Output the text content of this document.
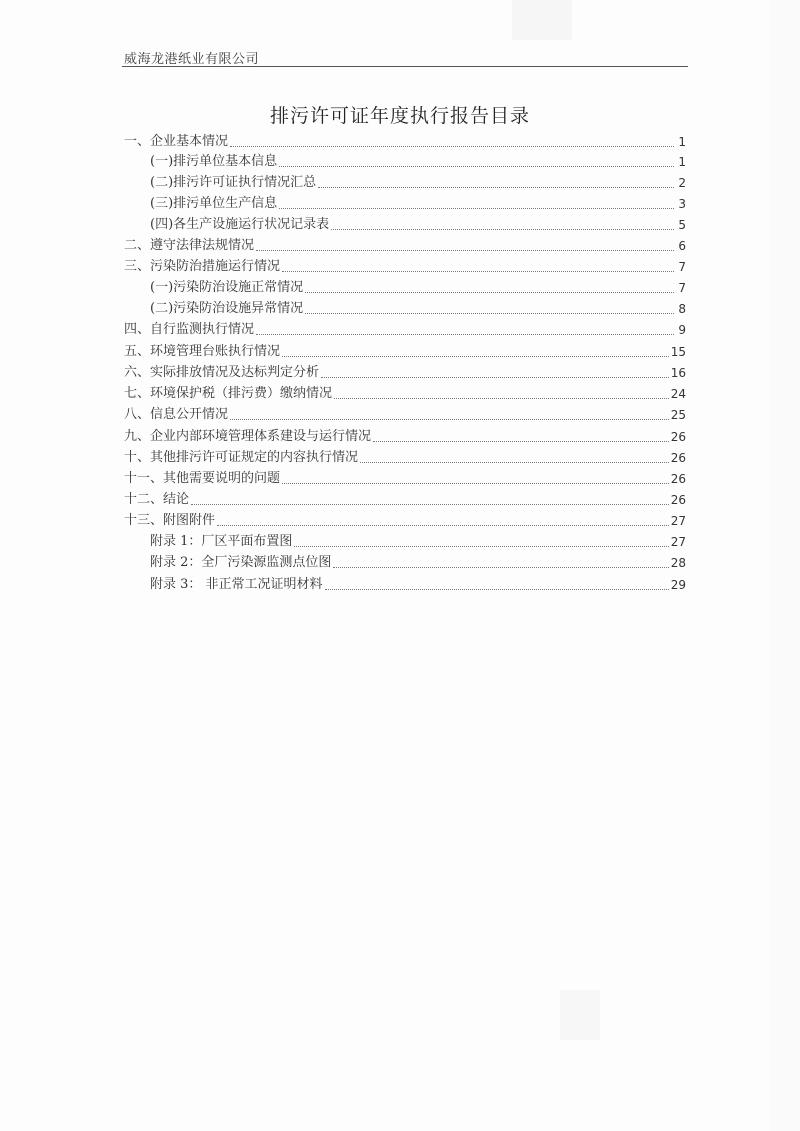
威海龙港纸业有限公司
排污许可证年度执行报告目录
一、企业基本情况	1
(一)排污单位基本信息	1
(二)排污许可证执行情况汇总	2
(三)排污单位生产信息	3
(四)各生产设施运行状况记录表	5
二、遵守法律法规情况	6
三、污染防治措施运行情况	7
(一)污染防治设施正常情况	7
(二)污染防治设施异常情况	8
四、自行监测执行情况	9
五、环境管理台账执行情况	15
六、实际排放情况及达标判定分析	16
七、环境保护税（排污费）缴纳情况	24
八、信息公开情况	25
九、企业内部环境管理体系建设与运行情况	26
十、其他排污许可证规定的内容执行情况	26
十一、其他需要说明的问题	26
十二、结论	26
十三、附图附件	27
附录 1：厂区平面布置图	27
附录 2：全厂污染源监测点位图	28
附录 3： 非正常工况证明材料	29
